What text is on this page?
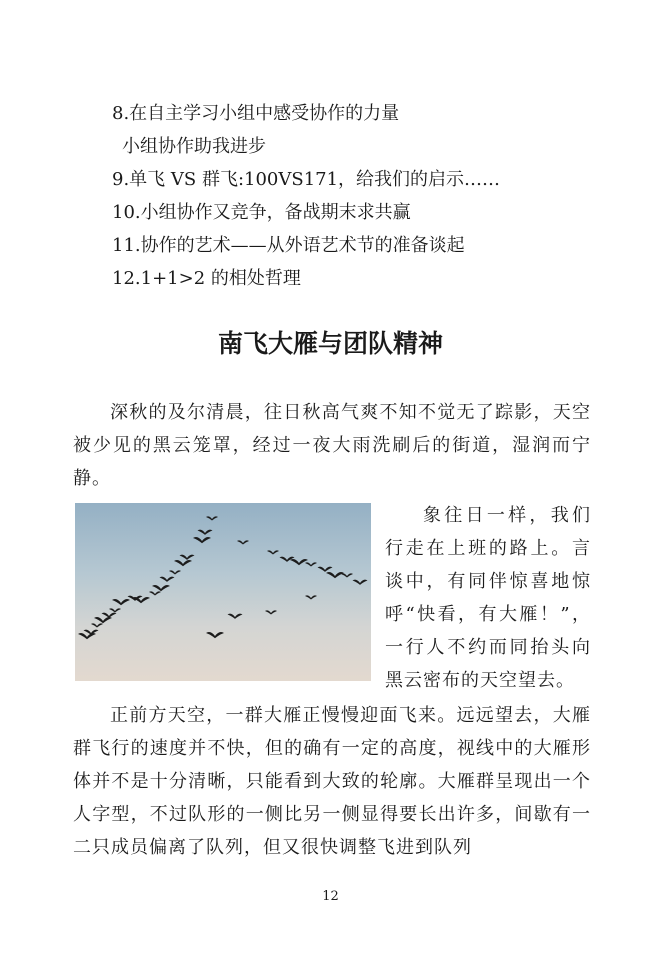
8.在自主学习小组中感受协作的力量
小组协作助我进步
9.单飞 VS 群飞:100VS171，给我们的启示……
10.小组协作又竞争，备战期末求共赢
11.协作的艺术——从外语艺术节的准备谈起
12.1+1>2 的相处哲理
南飞大雁与团队精神
深秋的及尔清晨，往日秋高气爽不知不觉无了踪影，天空被少见的黑云笼罩，经过一夜大雨洗刷后的街道，湿润而宁静。
象往日一样，我们行走在上班的路上。言谈中，有同伴惊喜地惊呼“快看，有大雁！”，一行人不约而同抬头向黑云密布的天空望去。
正前方天空，一群大雁正慢慢迎面飞来。远远望去，大雁群飞行的速度并不快，但的确有一定的高度，视线中的大雁形体并不是十分清晰，只能看到大致的轮廓。大雁群呈现出一个人字型，不过队形的一侧比另一侧显得要长出许多，间歇有一二只成员偏离了队列，但又很快调整飞进到队列
12
